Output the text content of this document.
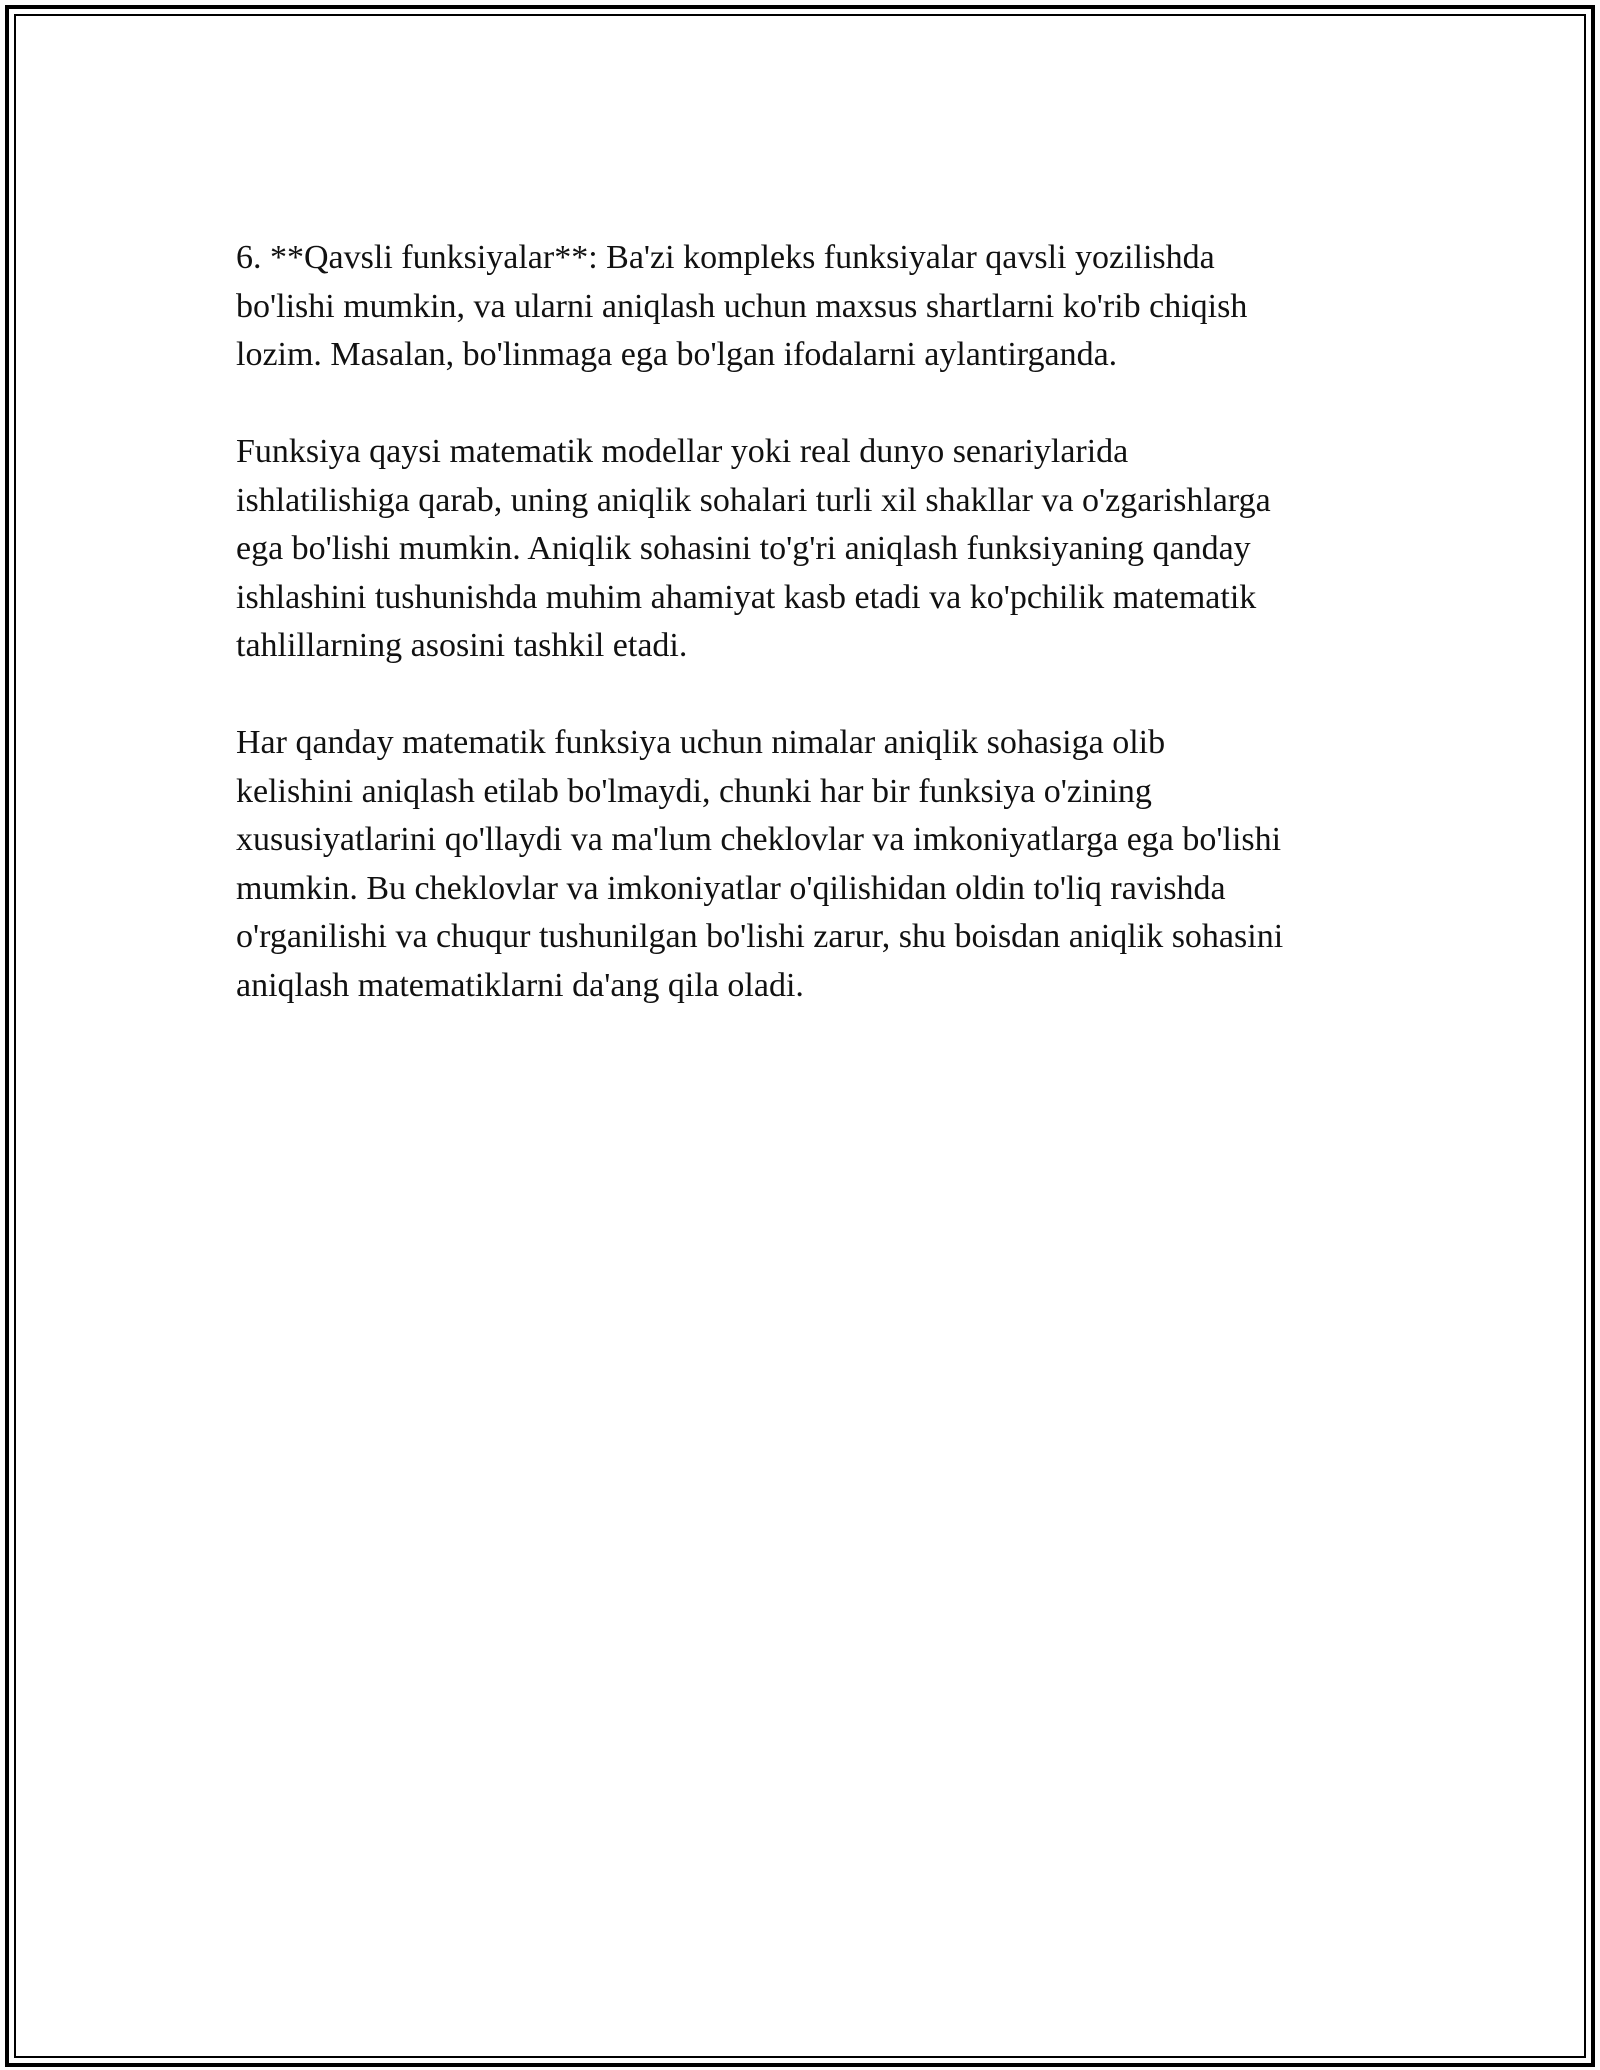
6. **Qavsli funksiyalar**: Ba'zi kompleks funksiyalar qavsli yozilishda
bo'lishi mumkin, va ularni aniqlash uchun maxsus shartlarni ko'rib chiqish
lozim. Masalan, bo'linmaga ega bo'lgan ifodalarni aylantirganda.

Funksiya qaysi matematik modellar yoki real dunyo senariylarida
ishlatilishiga qarab, uning aniqlik sohalari turli xil shakllar va o'zgarishlarga
ega bo'lishi mumkin. Aniqlik sohasini to'g'ri aniqlash funksiyaning qanday
ishlashini tushunishda muhim ahamiyat kasb etadi va ko'pchilik matematik
tahlillarning asosini tashkil etadi.

Har qanday matematik funksiya uchun nimalar aniqlik sohasiga olib
kelishini aniqlash etilab bo'lmaydi, chunki har bir funksiya o'zining
xususiyatlarini qo'llaydi va ma'lum cheklovlar va imkoniyatlarga ega bo'lishi
mumkin. Bu cheklovlar va imkoniyatlar o'qilishidan oldin to'liq ravishda
o'rganilishi va chuqur tushunilgan bo'lishi zarur, shu boisdan aniqlik sohasini
aniqlash matematiklarni da'ang qila oladi.
